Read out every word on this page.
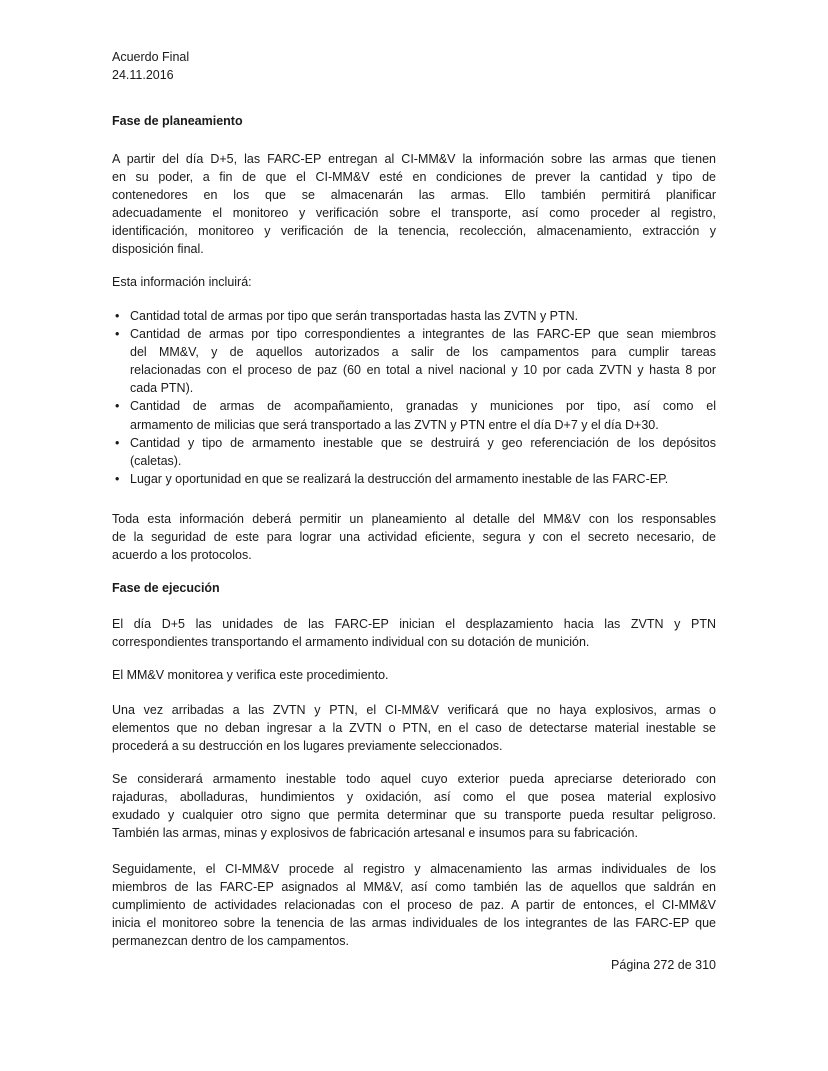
Acuerdo Final
24.11.2016
Fase de planeamiento
A partir del día D+5, las FARC-EP entregan al CI-MM&V la información sobre las armas que tienen
en su poder, a fin de que el CI-MM&V esté en condiciones de prever la cantidad y tipo de
contenedores en los que se almacenarán las armas. Ello también permitirá planificar
adecuadamente el monitoreo y verificación sobre el transporte, así como proceder al registro,
identificación, monitoreo y verificación de la tenencia, recolección, almacenamiento, extracción y
disposición final.
Esta información incluirá:
• Cantidad total de armas por tipo que serán transportadas hasta las ZVTN y PTN.
• Cantidad de armas por tipo correspondientes a integrantes de las FARC-EP que sean miembros
del MM&V, y de aquellos autorizados a salir de los campamentos para cumplir tareas
relacionadas con el proceso de paz (60 en total a nivel nacional y 10 por cada ZVTN y hasta 8 por
cada PTN).
• Cantidad de armas de acompañamiento, granadas y municiones por tipo, así como el
armamento de milicias que será transportado a las ZVTN y PTN entre el día D+7 y el día D+30.
• Cantidad y tipo de armamento inestable que se destruirá y geo referenciación de los depósitos
(caletas).
• Lugar y oportunidad en que se realizará la destrucción del armamento inestable de las FARC-EP.
Toda esta información deberá permitir un planeamiento al detalle del MM&V con los responsables
de la seguridad de este para lograr una actividad eficiente, segura y con el secreto necesario, de
acuerdo a los protocolos.
Fase de ejecución
El día D+5 las unidades de las FARC-EP inician el desplazamiento hacia las ZVTN y PTN
correspondientes transportando el armamento individual con su dotación de munición.
El MM&V monitorea y verifica este procedimiento.
Una vez arribadas a las ZVTN y PTN, el CI-MM&V verificará que no haya explosivos, armas o
elementos que no deban ingresar a la ZVTN o PTN, en el caso de detectarse material inestable se
procederá a su destrucción en los lugares previamente seleccionados.
Se considerará armamento inestable todo aquel cuyo exterior pueda apreciarse deteriorado con
rajaduras, abolladuras, hundimientos y oxidación, así como el que posea material explosivo
exudado y cualquier otro signo que permita determinar que su transporte pueda resultar peligroso.
También las armas, minas y explosivos de fabricación artesanal e insumos para su fabricación.
Seguidamente, el CI-MM&V procede al registro y almacenamiento las armas individuales de los
miembros de las FARC-EP asignados al MM&V, así como también las de aquellos que saldrán en
cumplimiento de actividades relacionadas con el proceso de paz. A partir de entonces, el CI-MM&V
inicia el monitoreo sobre la tenencia de las armas individuales de los integrantes de las FARC-EP que
permanezcan dentro de los campamentos.
Página 272 de 310
